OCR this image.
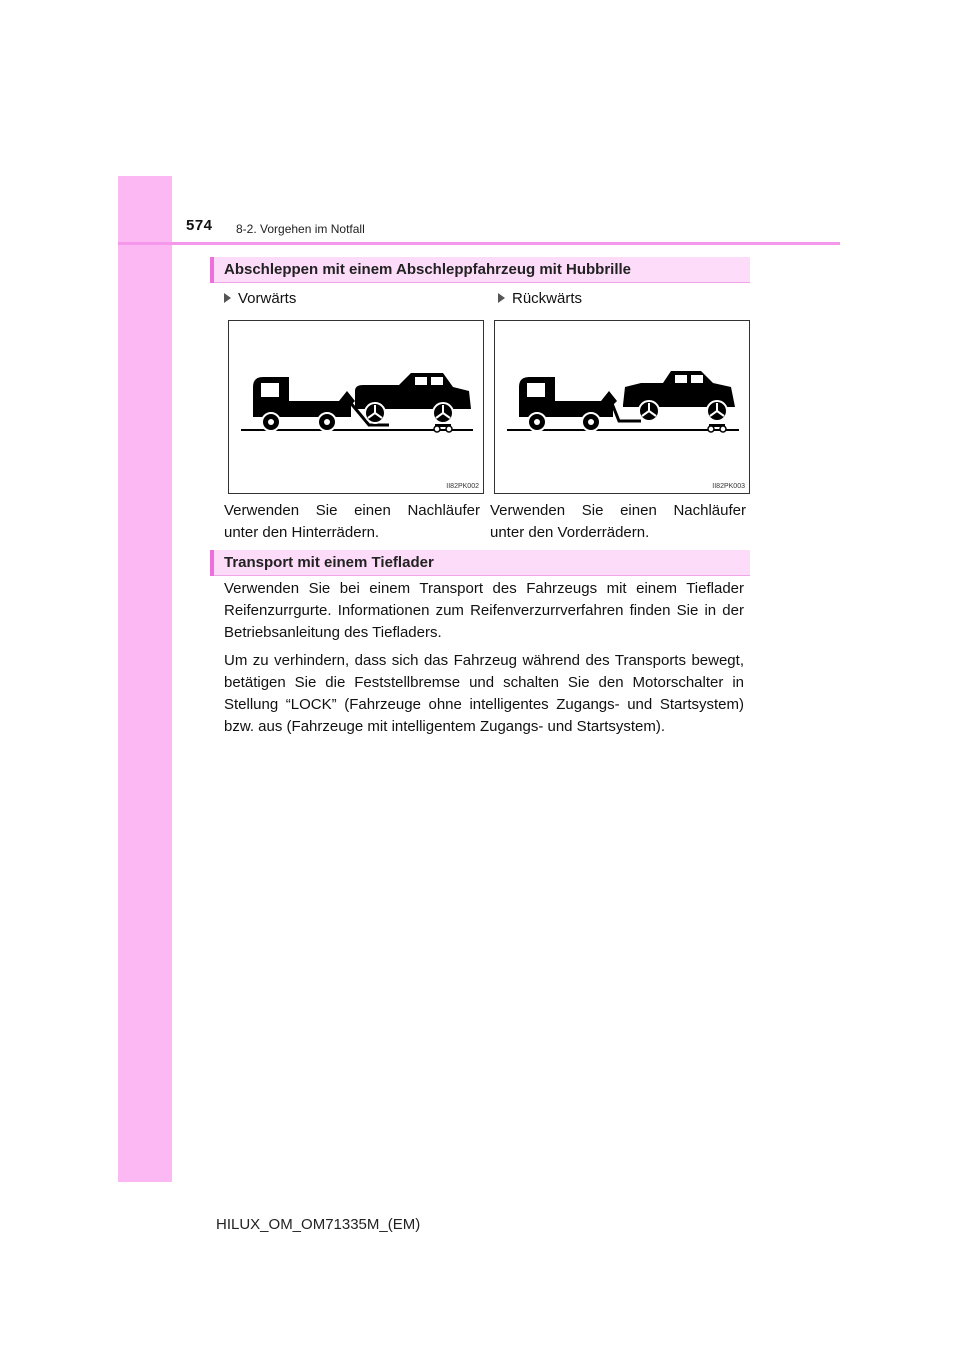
574 8-2. Vorgehen im Notfall
Abschleppen mit einem Abschleppfahrzeug mit Hubbrille
Vorwärts	Rückwärts
II82PK002	II82PK003
Verwenden Sie einen Nachläufer unter den Hinterrädern.
Verwenden Sie einen Nachläufer unter den Vorderrädern.
Transport mit einem Tieflader
Verwenden Sie bei einem Transport des Fahrzeugs mit einem Tieflader Reifenzurrgurte. Informationen zum Reifenverzurrverfahren finden Sie in der Betriebsanleitung des Tiefladers.
Um zu verhindern, dass sich das Fahrzeug während des Transports bewegt, betätigen Sie die Feststellbremse und schalten Sie den Motorschalter in Stellung “LOCK” (Fahrzeuge ohne intelligentes Zugangs- und Startsystem) bzw. aus (Fahrzeuge mit intelligentem Zugangs- und Startsystem).
HILUX_OM_OM71335M_(EM)
